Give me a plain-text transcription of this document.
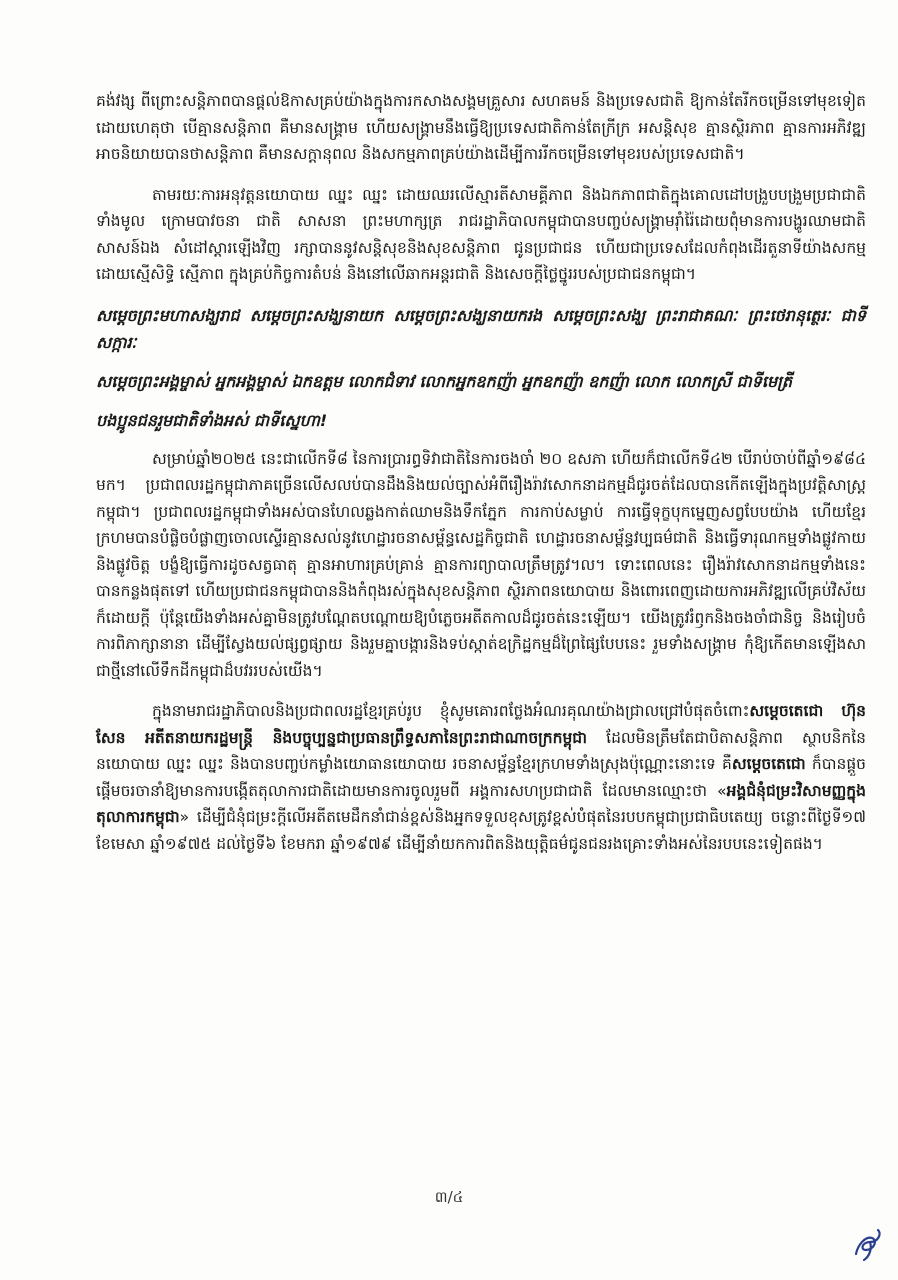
គង់វង្ស ពីព្រោះសន្តិភាពបានផ្ដល់ឱកាសគ្រប់យ៉ាងក្នុងការកសាងសង្គមគ្រួសារ សហគមន៍ និងប្រទេសជាតិ ឱ្យកាន់តែរីកចម្រើនទៅមុខទៀត ដោយហេតុថា បើគ្មានសន្តិភាព គឺមានសង្គ្រាម ហើយសង្គ្រាមនឹងធ្វើឱ្យប្រទេសជាតិកាន់តែក្រីក្រ អសន្តិសុខ គ្មានស្ថិរភាព គ្មានការអភិវឌ្ឍ អាចនិយាយបានថាសន្តិភាព គឺមានសក្ដានុពល និងសកម្មភាពគ្រប់យ៉ាងដើម្បីការរីកចម្រើនទៅមុខរបស់ប្រទេសជាតិ។

តាមរយៈការអនុវត្តនយោបាយ ឈ្នះ ឈ្នះ ដោយឈរលើស្មារតីសាមគ្គីភាព និងឯកភាពជាតិក្នុងគោលដៅបង្រួបបង្រួមប្រជាជាតិទាំងមូល ក្រោមបាវចនា ជាតិ សាសនា ព្រះមហាក្សត្រ រាជរដ្ឋាភិបាលកម្ពុជាបានបញ្ចប់សង្គ្រាមរ៉ាំរ៉ៃដោយពុំមានការបង្ហូរឈាមជាតិសាសន៍ឯង សំដៅស្តារឡើងវិញ រក្សាបាននូវសន្តិសុខនិងសុខសន្តិភាព ជូនប្រជាជន ហើយជាប្រទេសដែលកំពុងដើរតួនាទីយ៉ាងសកម្ម ដោយស្មើសិទ្ធិ ស្មើភាព ក្នុងគ្រប់កិច្ចការតំបន់ និងនៅលើឆាកអន្តរជាតិ និងសេចក្ដីថ្លៃថ្នូររបស់ប្រជាជនកម្ពុជា។

សម្ដេចព្រះមហាសង្ឃរាជ សម្ដេចព្រះសង្ឃនាយក សម្ដេចព្រះសង្ឃនាយករង សម្ដេចព្រះសង្ឃ ព្រះរាជាគណៈ ព្រះថេរានុត្ថេរៈ ជាទីសក្ការៈ

សម្ដេចព្រះអង្គម្ចាស់ អ្នកអង្គម្ចាស់ ឯកឧត្តម លោកជំទាវ លោកអ្នកឧកញ៉ា អ្នកឧកញ៉ា ឧកញ៉ា លោក លោកស្រី ជាទីមេត្រី

បងប្អូនជនរួមជាតិទាំងអស់ ជាទីស្នេហា!

សម្រាប់ឆ្នាំ២០២៥ នេះជាលើកទី៨ នៃការប្រារព្ធទិវាជាតិនៃការចងចាំ ២០ ឧសភា ហើយក៏ជាលើកទី៤២ បើរាប់ចាប់ពីឆ្នាំ១៩៨៤ មក។ ប្រជាពលរដ្ឋកម្ពុជាភាគច្រើនលើសលប់បានដឹងនិងយល់ច្បាស់អំពីរឿងរ៉ាវសោកនាដកម្មដ៏ជូរចត់ដែលបានកើតឡើងក្នុងប្រវត្តិសាស្ត្រកម្ពុជា។ ប្រជាពលរដ្ឋកម្ពុជាទាំងអស់បានហែលឆ្លងកាត់ឈាមនិងទឹកភ្នែក ការកាប់សម្លាប់ ការធ្វើទុក្ខបុកម្នេញសព្វបែបយ៉ាង ហើយខ្មែរក្រហមបានបំផ្លិចបំផ្លាញចោលស្ទើរគ្មានសល់នូវហេដ្ឋារចនាសម្ព័ន្ធសេដ្ឋកិច្ចជាតិ ហេដ្ឋារចនាសម្ព័ន្ធវប្បធម៌ជាតិ និងធ្វើទារុណកម្មទាំងផ្លូវកាយនិងផ្លូវចិត្ត បង្ខំឱ្យធ្វើការដូចសត្វធាតុ គ្មានអាហារគ្រប់គ្រាន់ គ្មានការព្យាបាលត្រឹមត្រូវ។ល។ ទោះពេលនេះ រឿងរ៉ាវសោកនាដកម្មទាំងនេះបានកន្លងផុតទៅ ហើយប្រជាជនកម្ពុជាបាននិងកំពុងរស់ក្នុងសុខសន្តិភាព ស្ថិរភាពនយោបាយ និងពោរពេញដោយការអភិវឌ្ឍលើគ្រប់វិស័យក៏ដោយក្ដី ប៉ុន្តែយើងទាំងអស់គ្នាមិនត្រូវបណ្ដែតបណ្ដោយឱ្យបំភ្លេចអតីតកាលដ៏ជូរចត់នេះឡើយ។ យើងត្រូវរំឭកនិងចងចាំជានិច្ច និងរៀបចំការពិភាក្សានានា ដើម្បីស្វែងយល់ផ្សព្វផ្សាយ និងរួមគ្នាបង្ការនិងទប់ស្កាត់ឧក្រិដ្ឋកម្មដ៏ព្រៃផ្សៃបែបនេះ រួមទាំងសង្គ្រាម កុំឱ្យកើតមានឡើងសាជាថ្មីនៅលើទឹកដីកម្ពុជាដ៏បវររបស់យើង។

ក្នុងនាមរាជរដ្ឋាភិបាលនិងប្រជាពលរដ្ឋខ្មែរគ្រប់រូប ខ្ញុំសូមគោរពថ្លែងអំណរគុណយ៉ាងជ្រាលជ្រៅបំផុតចំពោះសម្ដេចតេជោ ហ៊ុន សែន អតីតនាយករដ្ឋមន្ត្រី និងបច្ចុប្បន្នជាប្រធានព្រឹទ្ធសភានៃព្រះរាជាណាចក្រកម្ពុជា ដែលមិនត្រឹមតែជាបិតាសន្តិភាព ស្ថាបនិកនៃនយោបាយ ឈ្នះ ឈ្នះ និងបានបញ្ចប់កម្លាំងយោធានយោបាយ រចនាសម្ព័ន្ធខ្មែរក្រហមទាំងស្រុងប៉ុណ្ណោះនោះទេ គឺសម្ដេចតេជោ ក៏បានផ្ដួចផ្ដើមចរចានាំឱ្យមានការបង្កើតតុលាការជាតិដោយមានការចូលរួមពី អង្គការសហប្រជាជាតិ ដែលមានឈ្មោះថា «អង្គជំនុំជម្រះវិសាមញ្ញក្នុងតុលាការកម្ពុជា» ដើម្បីជំនុំជម្រះក្ដីលើអតីតមេដឹកនាំជាន់ខ្ពស់និងអ្នកទទួលខុសត្រូវខ្ពស់បំផុតនៃរបបកម្ពុជាប្រជាធិបតេយ្យ ចន្លោះពីថ្ងៃទី១៧ ខែមេសា ឆ្នាំ១៩៧៥ ដល់ថ្ងៃទី៦ ខែមករា ឆ្នាំ១៩៧៩ ដើម្បីនាំយកការពិតនិងយុត្តិធម៌ជូនជនរងគ្រោះទាំងអស់នៃរបបនេះទៀតផង។

៣/៤
